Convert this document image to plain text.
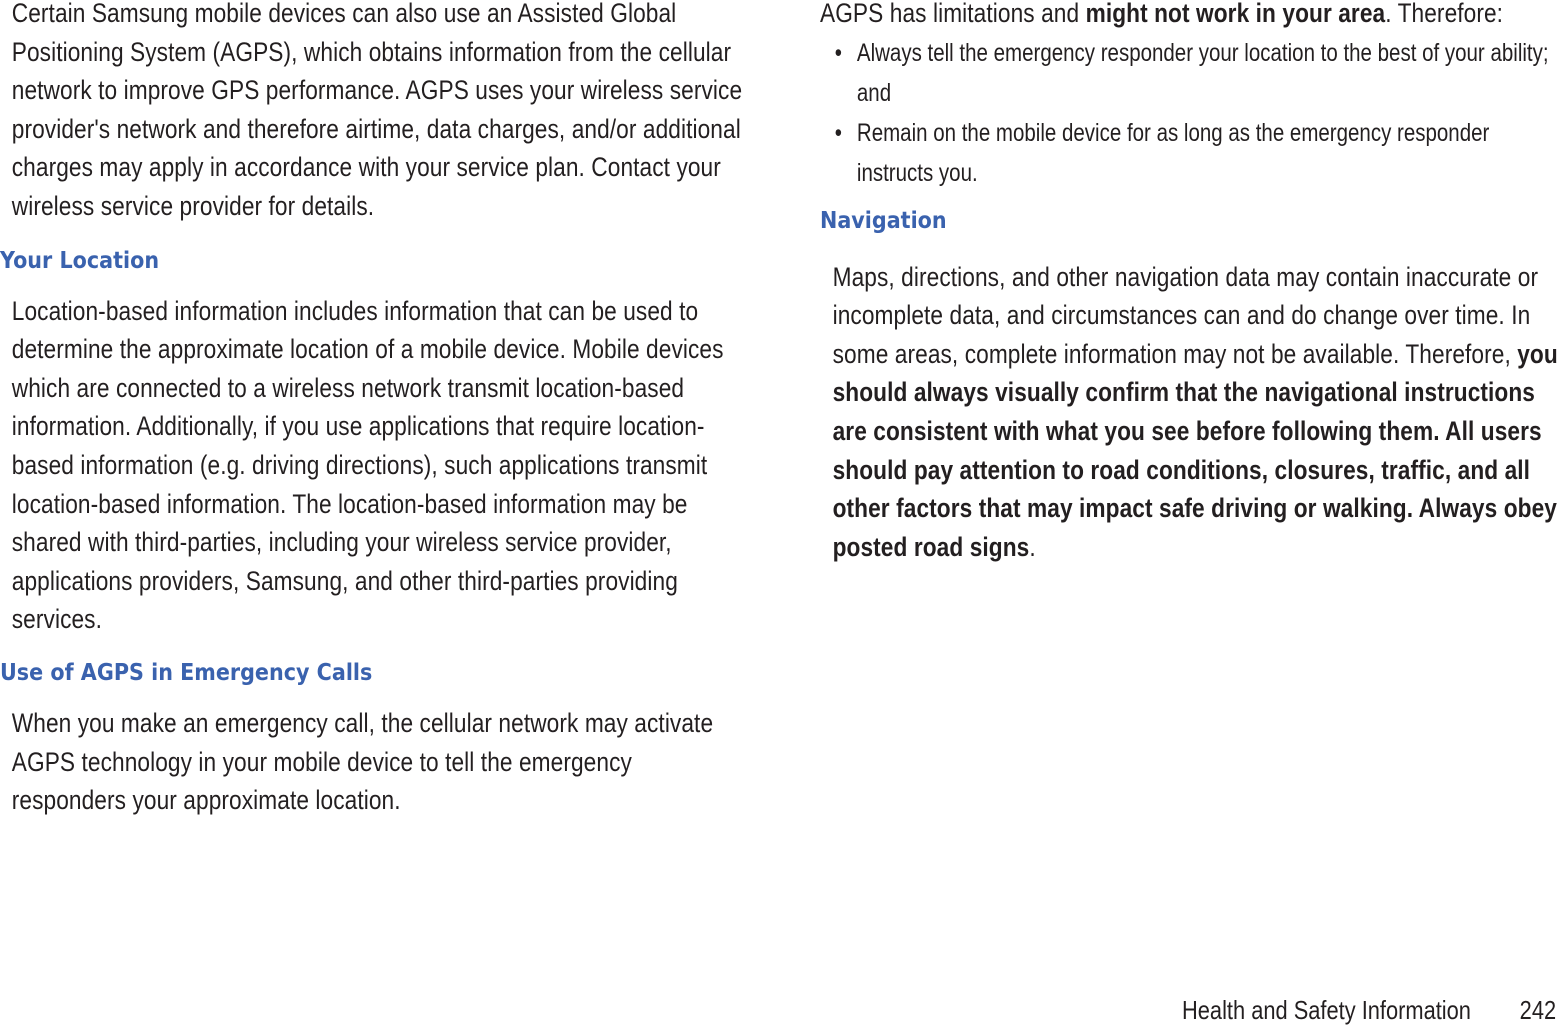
Certain Samsung mobile devices can also use an Assisted Global Positioning System (AGPS), which obtains information from the cellular network to improve GPS performance. AGPS uses your wireless service provider's network and therefore airtime, data charges, and/or additional charges may apply in accordance with your service plan. Contact your wireless service provider for details.

Your Location

Location-based information includes information that can be used to determine the approximate location of a mobile device. Mobile devices which are connected to a wireless network transmit location-based information. Additionally, if you use applications that require location-based information (e.g. driving directions), such applications transmit location-based information. The location-based information may be shared with third-parties, including your wireless service provider, applications providers, Samsung, and other third-parties providing services.

Use of AGPS in Emergency Calls

When you make an emergency call, the cellular network may activate AGPS technology in your mobile device to tell the emergency responders your approximate location.

AGPS has limitations and might not work in your area. Therefore:

• Always tell the emergency responder your location to the best of your ability; and
• Remain on the mobile device for as long as the emergency responder instructs you.
Navigation

Maps, directions, and other navigation data may contain inaccurate or incomplete data, and circumstances can and do change over time. In some areas, complete information may not be available. Therefore, you should always visually confirm that the navigational instructions are consistent with what you see before following them. All users should pay attention to road conditions, closures, traffic, and all other factors that may impact safe driving or walking. Always obey posted road signs.

Health and Safety Information 242
